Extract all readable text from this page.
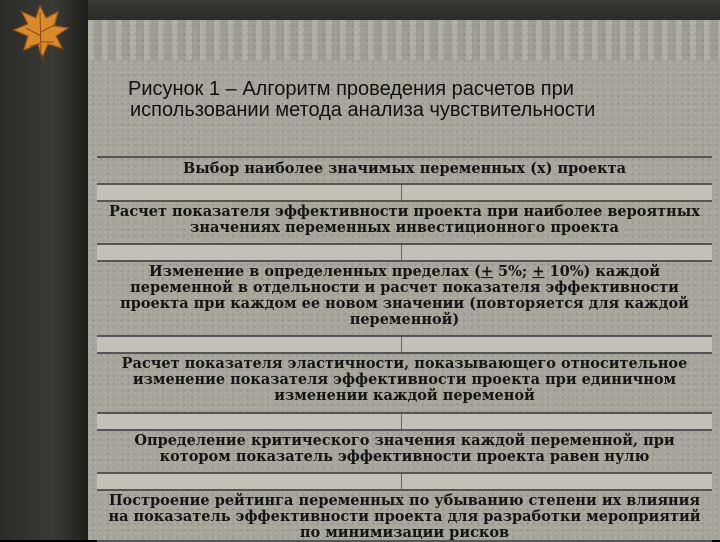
Рисунок 1 – Алгоритм проведения расчетов при
использовании метода анализа чувствительности
Выбор наиболее значимых переменных (х) проекта
Расчет показателя эффективности проекта при наиболее вероятных значениях переменных инвестиционного проекта
Изменение в определенных пределах (+ 5%; + 10%) каждой переменной в отдельности и расчет показателя эффективности проекта при каждом ее новом значении (повторяется для каждой переменной)
Расчет показателя эластичности, показывающего относительное изменение показателя эффективности проекта при единичном изменении каждой переменой
Определение критического значения каждой переменной, при котором показатель эффективности проекта равен нулю
Построение рейтинга переменных по убыванию степени их влияния на показатель эффективности проекта для разработки мероприятий по минимизации рисков
